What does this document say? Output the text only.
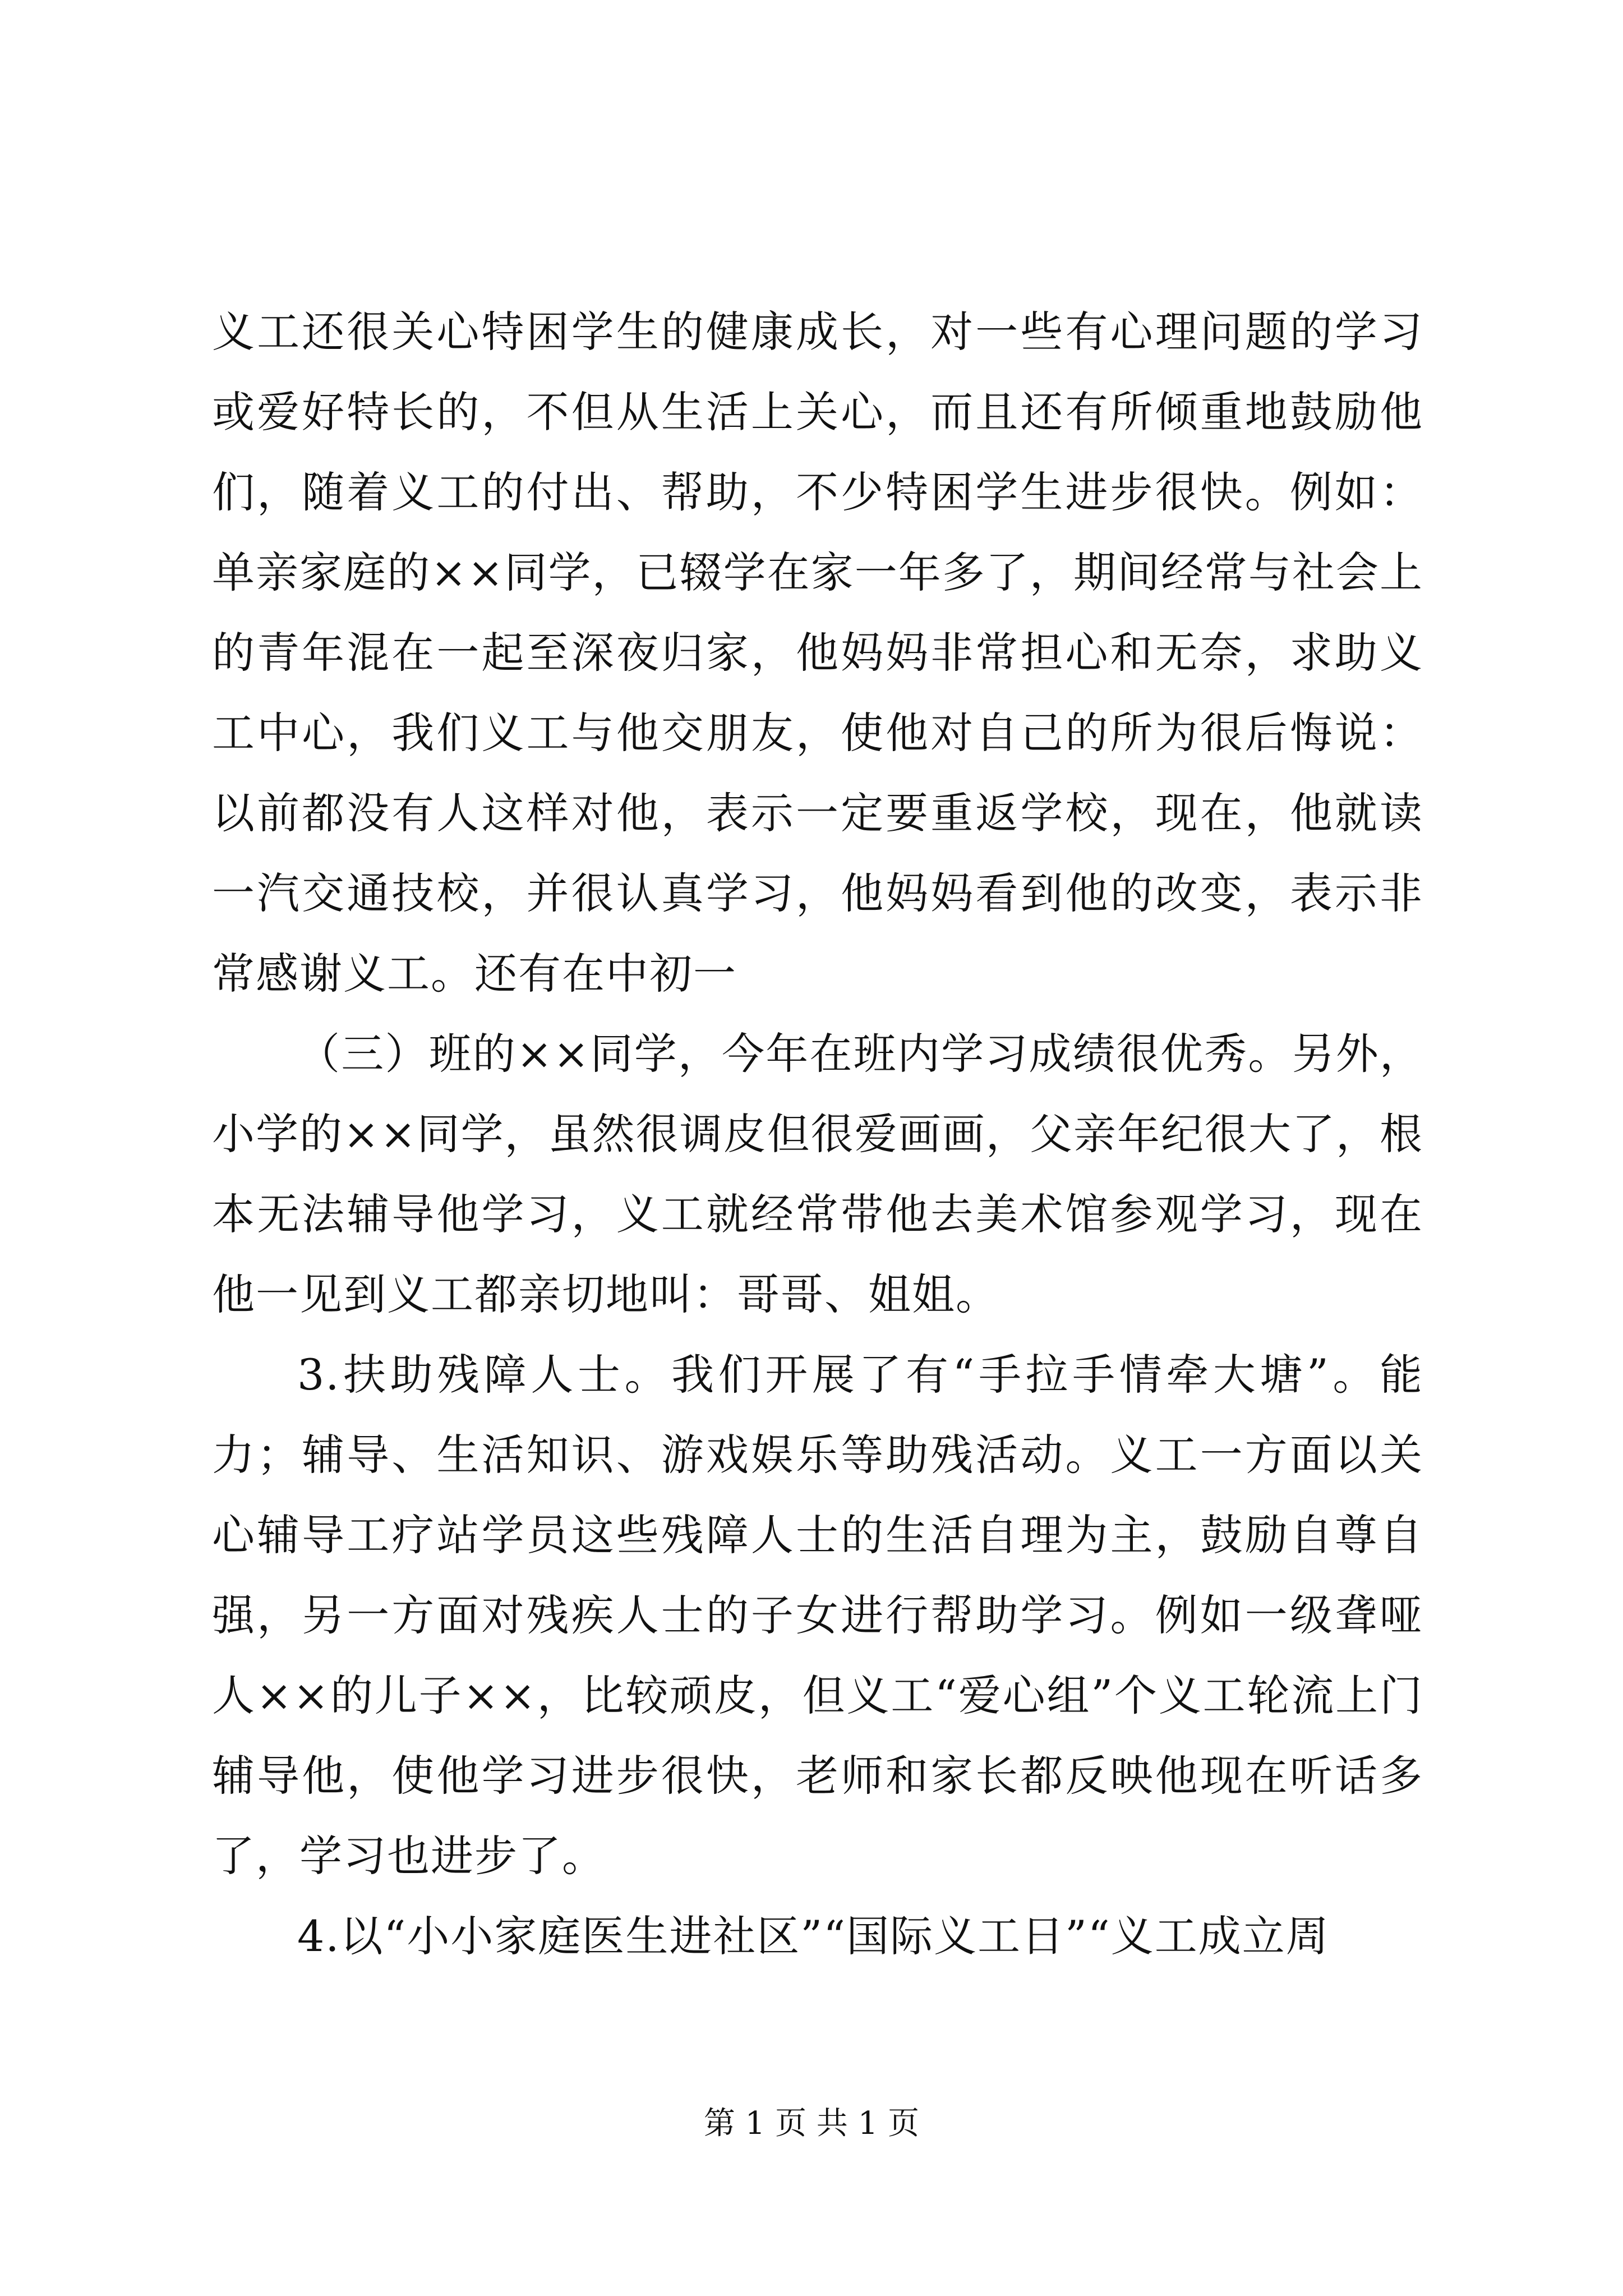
义工还很关心特困学生的健康成长，对一些有心理问题的学习或爱好特长的，不但从生活上关心，而且还有所倾重地鼓励他们，随着义工的付出、帮助，不少特困学生进步很快。例如：单亲家庭的××同学，已辍学在家一年多了，期间经常与社会上的青年混在一起至深夜归家，他妈妈非常担心和无奈，求助义工中心，我们义工与他交朋友，使他对自己的所为很后悔说：以前都没有人这样对他，表示一定要重返学校，现在，他就读一汽交通技校，并很认真学习，他妈妈看到他的改变，表示非常感谢义工。还有在中初一

（三）班的××同学，今年在班内学习成绩很优秀。另外，小学的××同学，虽然很调皮但很爱画画，父亲年纪很大了，根本无法辅导他学习，义工就经常带他去美术馆参观学习，现在他一见到义工都亲切地叫：哥哥、姐姐。

3.扶助残障人士。我们开展了有“手拉手情牵大塘”。能力；辅导、生活知识、游戏娱乐等助残活动。义工一方面以关心辅导工疗站学员这些残障人士的生活自理为主，鼓励自尊自强，另一方面对残疾人士的子女进行帮助学习。例如一级聋哑人××的儿子××，比较顽皮，但义工“爱心组”个义工轮流上门辅导他，使他学习进步很快，老师和家长都反映他现在听话多了，学习也进步了。

4.以“小小家庭医生进社区”“国际义工日”“义工成立周

第 1 页 共 1 页
